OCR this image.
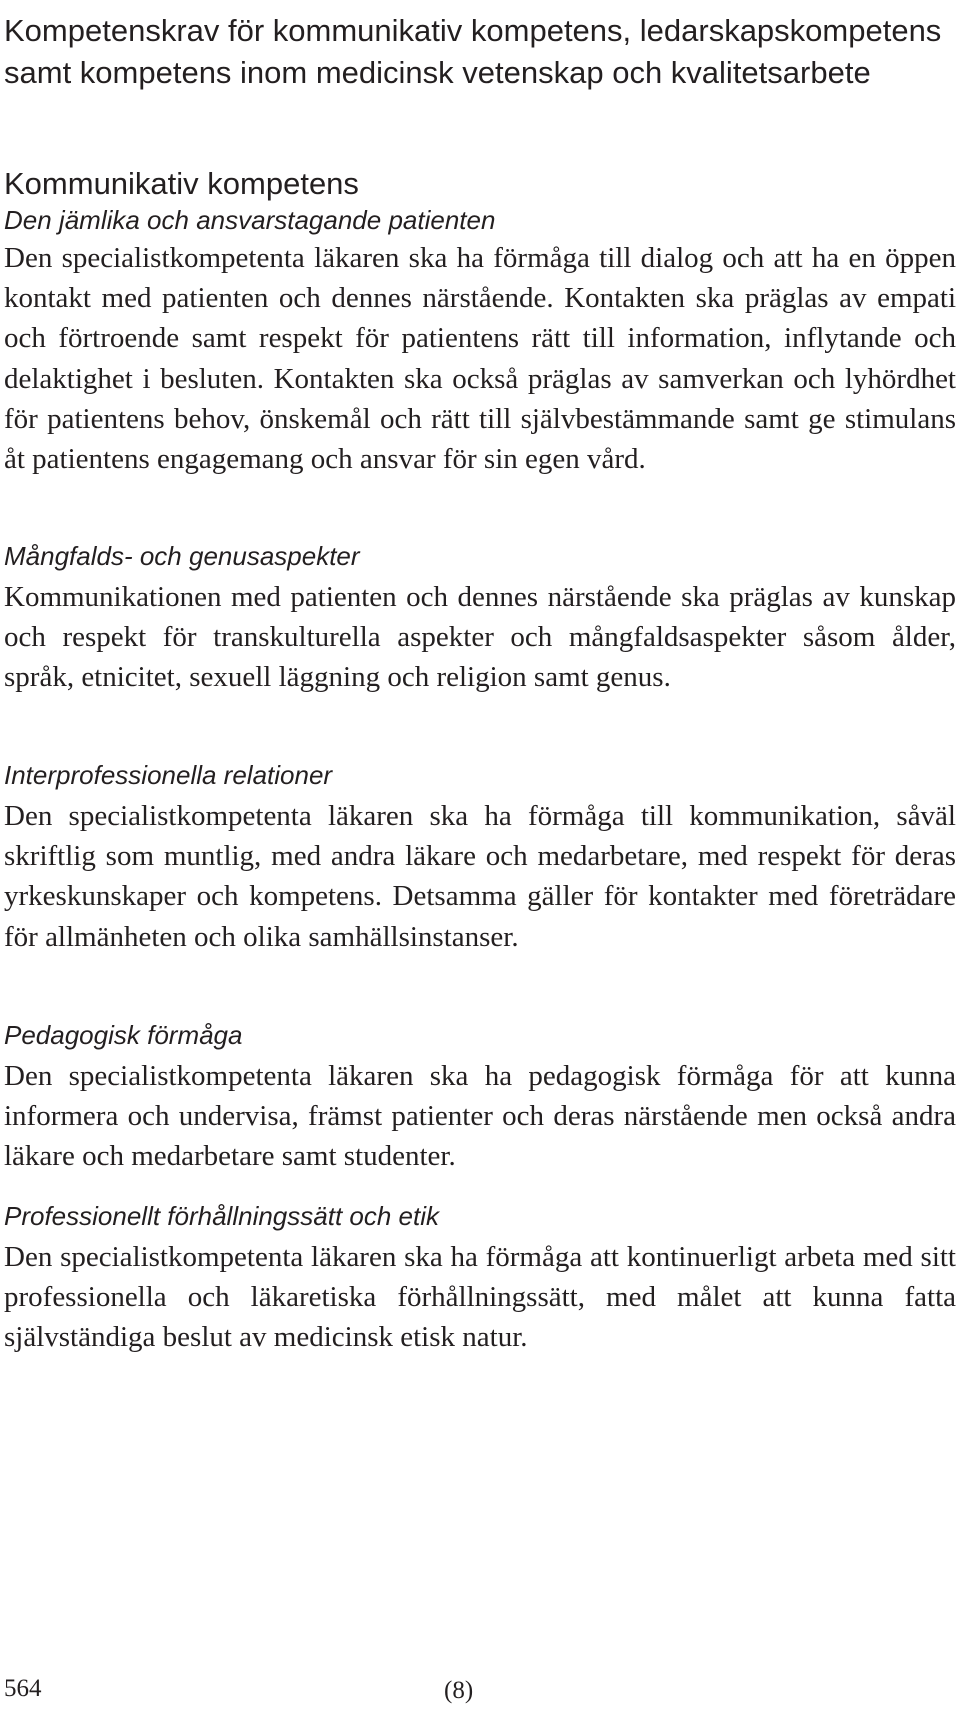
Kompetenskrav för kommunikativ kompetens, ledarskapskompetens samt kompetens inom medicinsk vetenskap och kvalitetsarbete
Kommunikativ kompetens
Den jämlika och ansvarstagande patienten

Den specialistkompetenta läkaren ska ha förmåga till dialog och att ha en öppen kontakt med patienten och dennes närstående. Kontakten ska präglas av empati och förtroende samt respekt för patientens rätt till information, inflytande och delaktighet i besluten. Kontakten ska också präglas av samverkan och lyhördhet för patientens behov, önskemål och rätt till självbestämmande samt ge stimulans åt patientens engagemang och ansvar för sin egen vård.

Mångfalds- och genusaspekter

Kommunikationen med patienten och dennes närstående ska präglas av kunskap och respekt för transkulturella aspekter och mångfaldsaspekter såsom ålder, språk, etnicitet, sexuell läggning och religion samt genus.

Interprofessionella relationer

Den specialistkompetenta läkaren ska ha förmåga till kommunikation, såväl skriftlig som muntlig, med andra läkare och medarbetare, med respekt för deras yrkeskunskaper och kompetens. Detsamma gäller för kontakter med företrädare för allmänheten och olika samhällsinstanser.

Pedagogisk förmåga

Den specialistkompetenta läkaren ska ha pedagogisk förmåga för att kunna informera och undervisa, främst patienter och deras närstående men också andra läkare och medarbetare samt studenter.

Professionellt förhållningssätt och etik

Den specialistkompetenta läkaren ska ha förmåga att kontinuerligt arbeta med sitt professionella och läkaretiska förhållningssätt, med målet att kunna fatta självständiga beslut av medicinsk etisk natur.

564	(8)
